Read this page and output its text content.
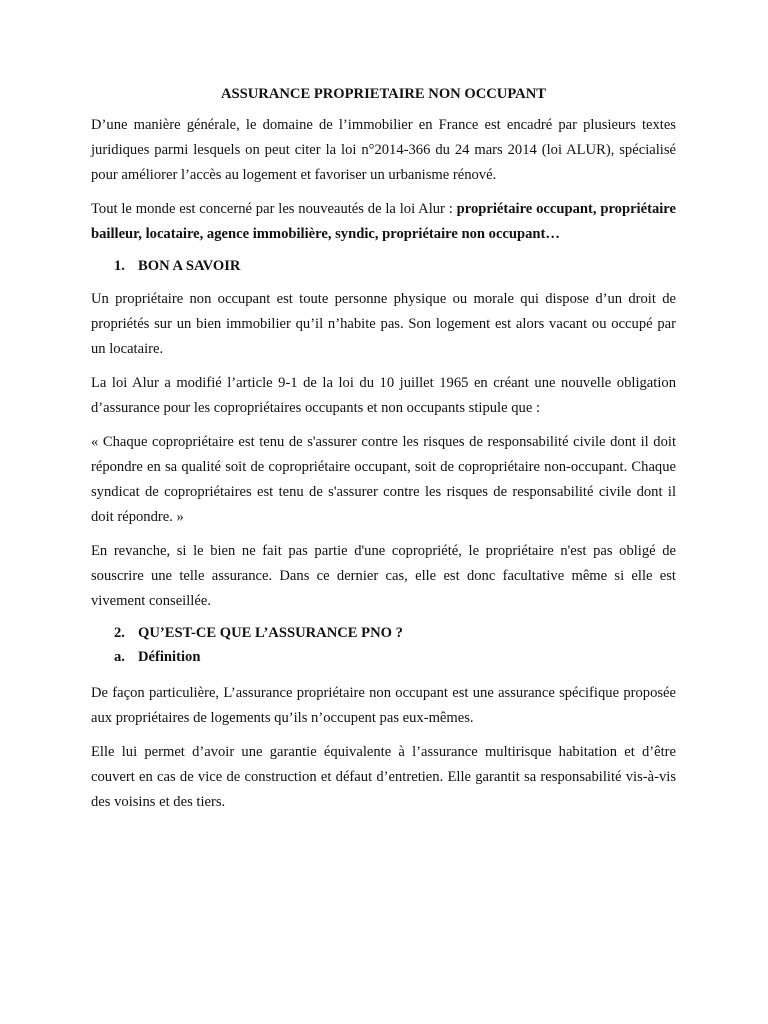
ASSURANCE PROPRIETAIRE NON OCCUPANT

D’une manière générale, le domaine de l’immobilier en France est encadré par plusieurs textes juridiques parmi lesquels on peut citer la loi n°2014-366 du 24 mars 2014 (loi ALUR), spécialisé pour améliorer l’accès au logement et favoriser un urbanisme rénové.

Tout le monde est concerné par les nouveautés de la loi Alur : propriétaire occupant, propriétaire bailleur, locataire, agence immobilière, syndic, propriétaire non occupant…

1. BON A SAVOIR

Un propriétaire non occupant est toute personne physique ou morale qui dispose d’un droit de propriétés sur un bien immobilier qu’il n’habite pas. Son logement est alors vacant ou occupé par un locataire.

La loi Alur a modifié l’article 9-1 de la loi du 10 juillet 1965 en créant une nouvelle obligation d’assurance pour les copropriétaires occupants et non occupants stipule que :

« Chaque copropriétaire est tenu de s'assurer contre les risques de responsabilité civile dont il doit répondre en sa qualité soit de copropriétaire occupant, soit de copropriétaire non-occupant. Chaque syndicat de copropriétaires est tenu de s'assurer contre les risques de responsabilité civile dont il doit répondre. »

En revanche, si le bien ne fait pas partie d'une copropriété, le propriétaire n'est pas obligé de souscrire une telle assurance. Dans ce dernier cas, elle est donc facultative même si elle est vivement conseillée.

2. QU’EST-CE QUE L’ASSURANCE PNO ?
a. Définition

De façon particulière, L’assurance propriétaire non occupant est une assurance spécifique proposée aux propriétaires de logements qu’ils n’occupent pas eux-mêmes.

Elle lui permet d’avoir une garantie équivalente à l’assurance multirisque habitation et d’être couvert en cas de vice de construction et défaut d’entretien. Elle garantit sa responsabilité vis-à-vis des voisins et des tiers.
